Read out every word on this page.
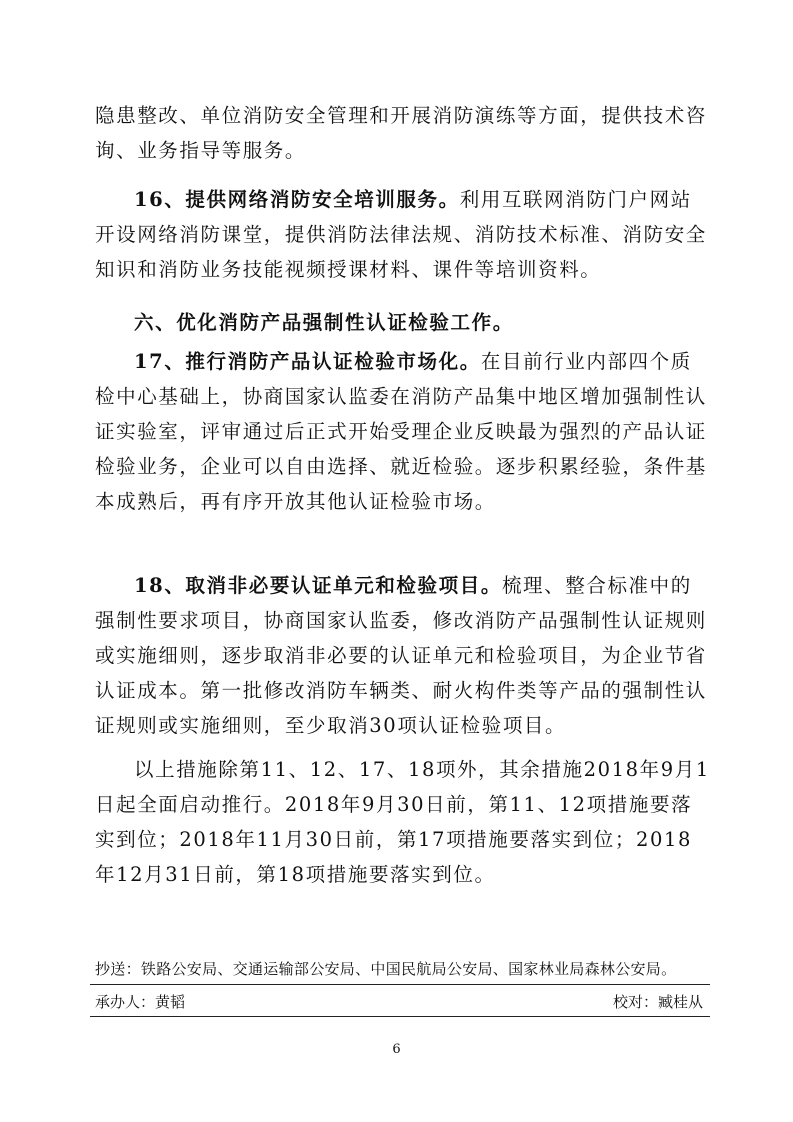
隐患整改、单位消防安全管理和开展消防演练等方面，提供技术咨询、业务指导等服务。

16、提供网络消防安全培训服务。利用互联网消防门户网站开设网络消防课堂，提供消防法律法规、消防技术标准、消防安全知识和消防业务技能视频授课材料、课件等培训资料。

六、优化消防产品强制性认证检验工作。

17、推行消防产品认证检验市场化。在目前行业内部四个质检中心基础上，协商国家认监委在消防产品集中地区增加强制性认证实验室，评审通过后正式开始受理企业反映最为强烈的产品认证检验业务，企业可以自由选择、就近检验。逐步积累经验，条件基本成熟后，再有序开放其他认证检验市场。

18、取消非必要认证单元和检验项目。梳理、整合标准中的强制性要求项目，协商国家认监委，修改消防产品强制性认证规则或实施细则，逐步取消非必要的认证单元和检验项目，为企业节省认证成本。第一批修改消防车辆类、耐火构件类等产品的强制性认证规则或实施细则，至少取消30项认证检验项目。

以上措施除第11、12、17、18项外，其余措施2018年9月1日起全面启动推行。2018年9月30日前，第11、12项措施要落实到位；2018年11月30日前，第17项措施要落实到位；2018年12月31日前，第18项措施要落实到位。

抄送：铁路公安局、交通运输部公安局、中国民航局公安局、国家林业局森林公安局。
承办人：黄韬	校对：臧桂从
6
